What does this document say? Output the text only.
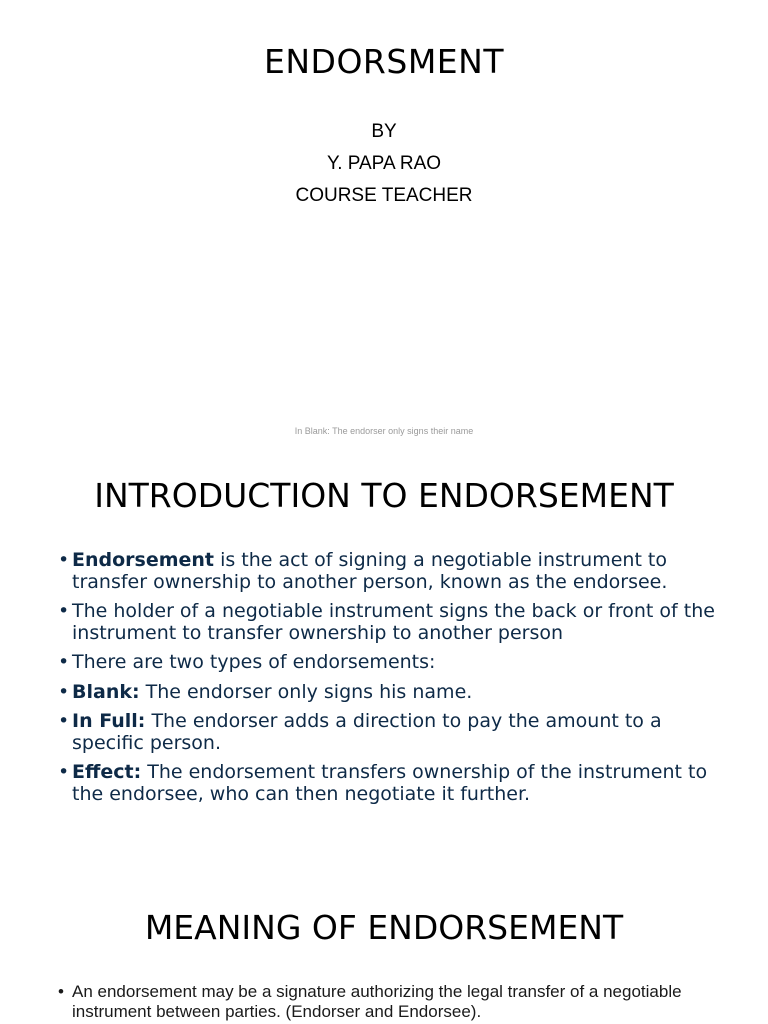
ENDORSMENT
BY
Y. PAPA RAO
COURSE TEACHER
In Blank: The endorser only signs their name
INTRODUCTION TO ENDORSEMENT
• Endorsement is the act of signing a negotiable instrument to transfer ownership to another person, known as the endorsee.
• The holder of a negotiable instrument signs the back or front of the instrument to transfer ownership to another person
• There are two types of endorsements:
• Blank: The endorser only signs his name.
• In Full: The endorser adds a direction to pay the amount to a specific person.
• Effect: The endorsement transfers ownership of the instrument to the endorsee, who can then negotiate it further.
MEANING OF ENDORSEMENT
• An endorsement may be a signature authorizing the legal transfer of a negotiable instrument between parties. (Endorser and Endorsee).
